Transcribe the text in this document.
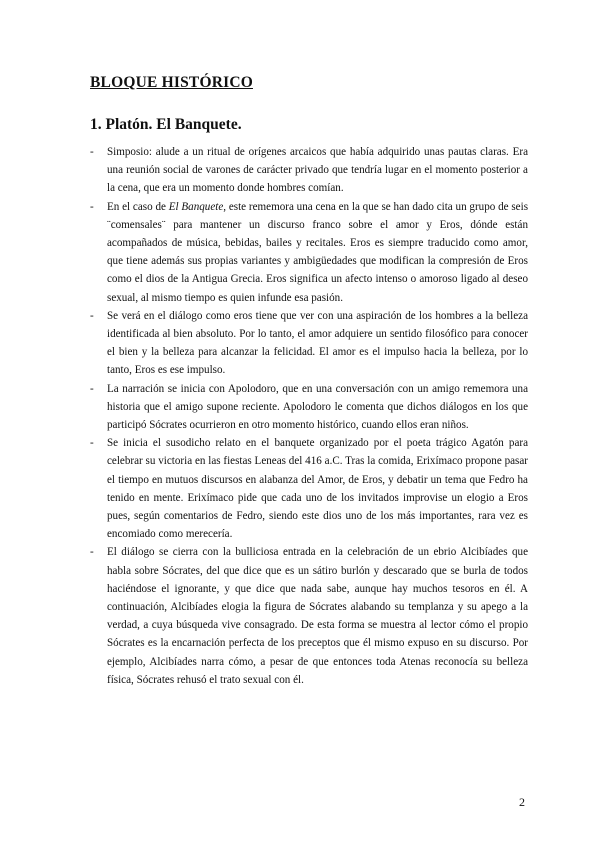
BLOQUE HISTÓRICO
1. Platón. El Banquete.
- Simposio: alude a un ritual de orígenes arcaicos que había adquirido unas pautas claras. Era una reunión social de varones de carácter privado que tendría lugar en el momento posterior a la cena, que era un momento donde hombres comían.
- En el caso de El Banquete, este rememora una cena en la que se han dado cita un grupo de seis ¨comensales¨ para mantener un discurso franco sobre el amor y Eros, dónde están acompañados de música, bebidas, bailes y recitales. Eros es siempre traducido como amor, que tiene además sus propias variantes y ambigüedades que modifican la compresión de Eros como el dios de la Antigua Grecia. Eros significa un afecto intenso o amoroso ligado al deseo sexual, al mismo tiempo es quien infunde esa pasión.
- Se verá en el diálogo como eros tiene que ver con una aspiración de los hombres a la belleza identificada al bien absoluto. Por lo tanto, el amor adquiere un sentido filosófico para conocer el bien y la belleza para alcanzar la felicidad. El amor es el impulso hacia la belleza, por lo tanto, Eros es ese impulso.
- La narración se inicia con Apolodoro, que en una conversación con un amigo rememora una historia que el amigo supone reciente. Apolodoro le comenta que dichos diálogos en los que participó Sócrates ocurrieron en otro momento histórico, cuando ellos eran niños.
- Se inicia el susodicho relato en el banquete organizado por el poeta trágico Agatón para celebrar su victoria en las fiestas Leneas del 416 a.C. Tras la comida, Erixímaco propone pasar el tiempo en mutuos discursos en alabanza del Amor, de Eros, y debatir un tema que Fedro ha tenido en mente. Erixímaco pide que cada uno de los invitados improvise un elogio a Eros pues, según comentarios de Fedro, siendo este dios uno de los más importantes, rara vez es encomiado como merecería.
- El diálogo se cierra con la bulliciosa entrada en la celebración de un ebrio Alcibíades que habla sobre Sócrates, del que dice que es un sátiro burlón y descarado que se burla de todos haciéndose el ignorante, y que dice que nada sabe, aunque hay muchos tesoros en él. A continuación, Alcibíades elogia la figura de Sócrates alabando su templanza y su apego a la verdad, a cuya búsqueda vive consagrado. De esta forma se muestra al lector cómo el propio Sócrates es la encarnación perfecta de los preceptos que él mismo expuso en su discurso. Por ejemplo, Alcibíades narra cómo, a pesar de que entonces toda Atenas reconocía su belleza física, Sócrates rehusó el trato sexual con él.
2
